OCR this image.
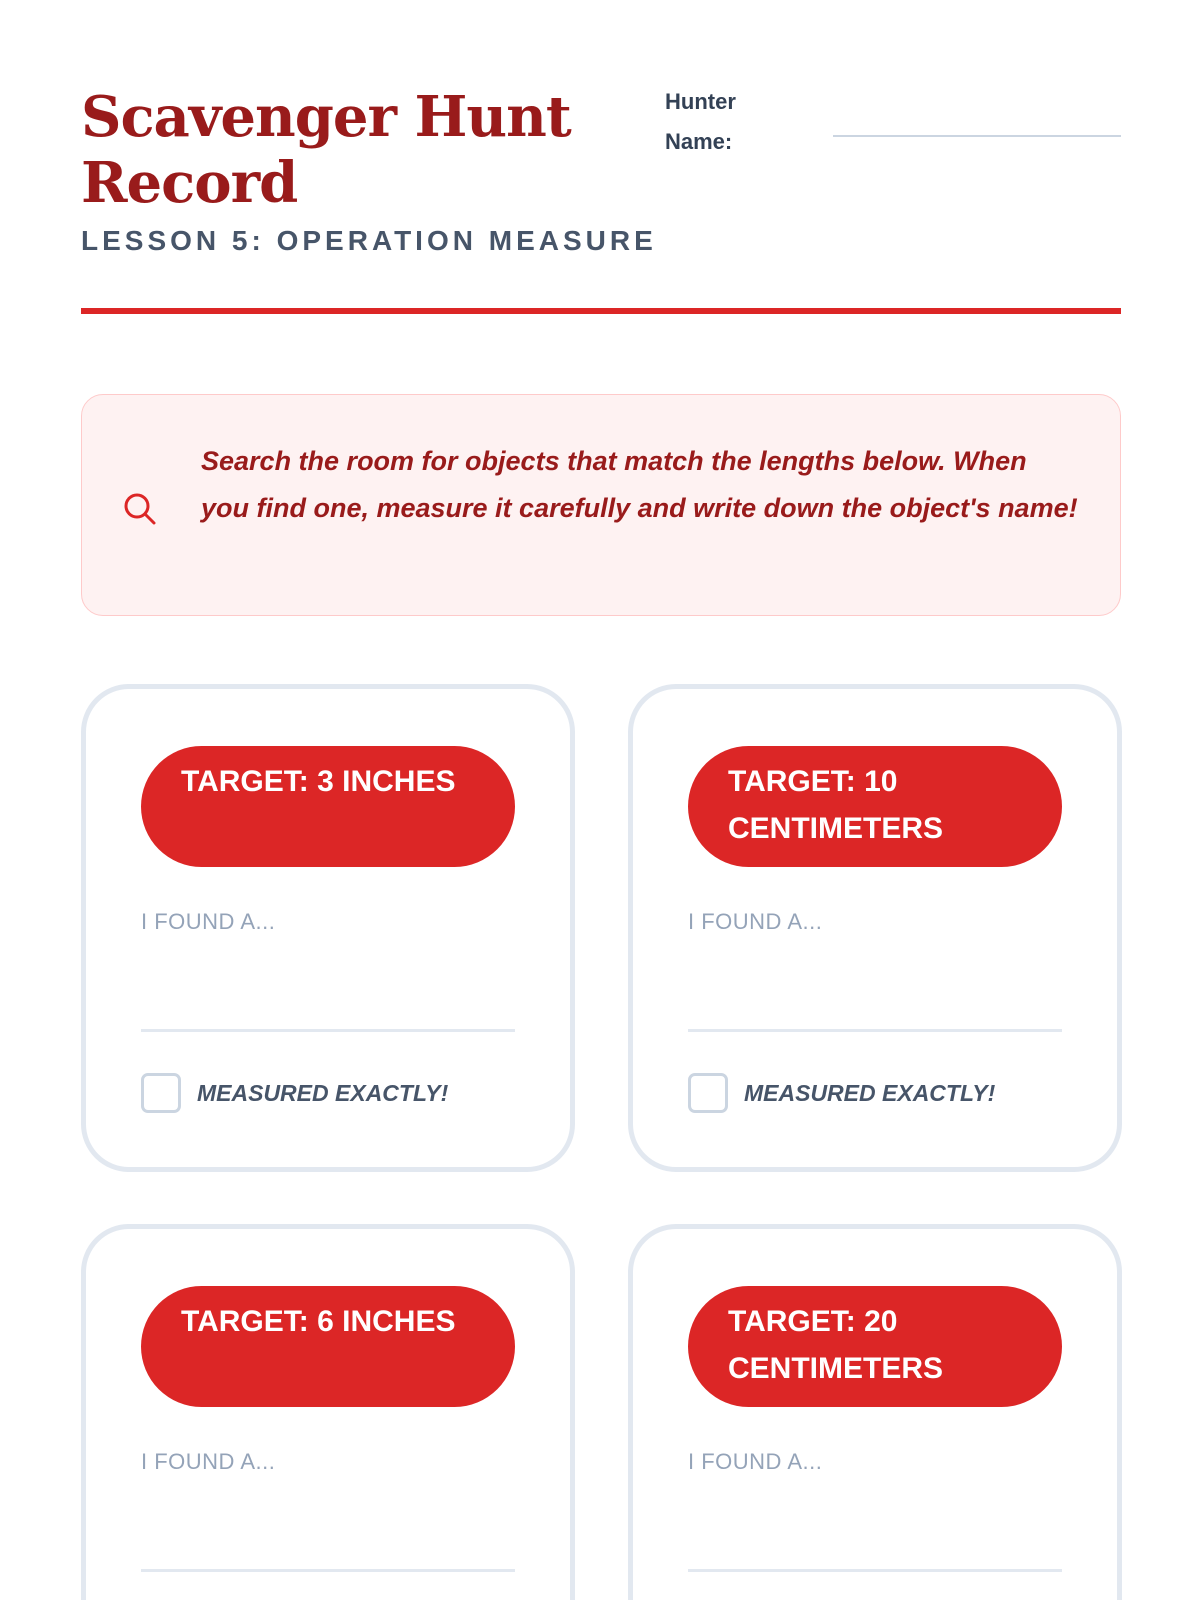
Scavenger Hunt Record
LESSON 5: OPERATION MEASURE
Hunter Name:

Search the room for objects that match the lengths below. When you find one, measure it carefully and write down the object's name!

TARGET: 3 INCHES
I FOUND A...
MEASURED EXACTLY!
TARGET: 10 CENTIMETERS
I FOUND A...
MEASURED EXACTLY!
TARGET: 6 INCHES
I FOUND A...
TARGET: 20 CENTIMETERS
I FOUND A...
